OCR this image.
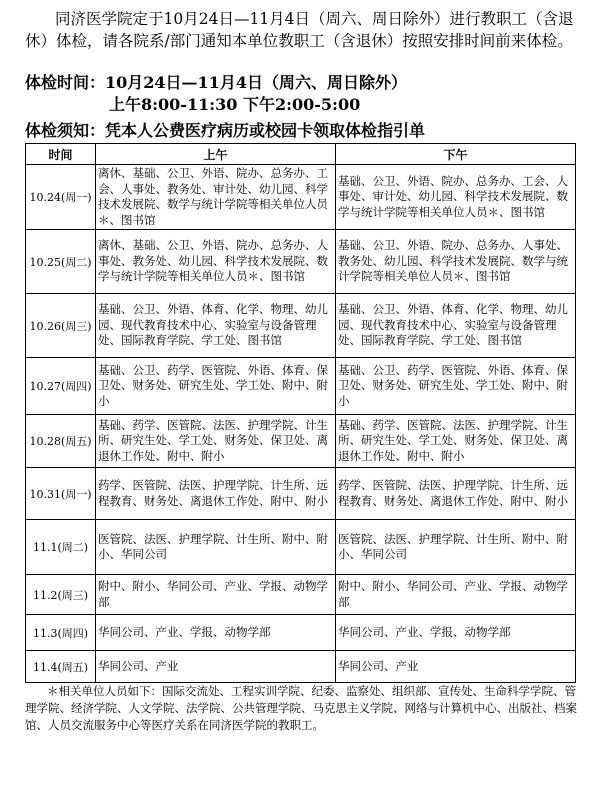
同济医学院定于10月24日—11月4日（周六、周日除外）进行教职工（含退休）体检，请各院系/部门通知本单位教职工（含退休）按照安排时间前来体检。
体检时间：10月24日—11月4日（周六、周日除外）
上午8:00-11:30 下午2:00-5:00
体检须知：凭本人公费医疗病历或校园卡领取体检指引单
时间	上午	下午
10.24(周一)	离休、基础、公卫、外语、院办、总务办、工会、人事处、教务处、审计处、幼儿园、科学技术发展院、数学与统计学院等相关单位人员＊、图书馆	基础、公卫、外语、院办、总务办、工会、人事处、审计处、幼儿园、科学技术发展院、数学与统计学院等相关单位人员＊、图书馆
10.25(周二)	离休、基础、公卫、外语、院办、总务办、人事处、教务处、幼儿园、科学技术发展院、数学与统计学院等相关单位人员＊、图书馆	基础、公卫、外语、院办、总务办、人事处、教务处、幼儿园、科学技术发展院、数学与统计学院等相关单位人员＊、图书馆
10.26(周三)	基础、公卫、外语、体育、化学、物理、幼儿园、现代教育技术中心、实验室与设备管理处、国际教育学院、学工处、图书馆	基础、公卫、外语、体育、化学、物理、幼儿园、现代教育技术中心、实验室与设备管理处、国际教育学院、学工处、图书馆
10.27(周四)	基础、公卫、药学、医管院、外语、体育、保卫处、财务处、研究生处、学工处、附中、附小	基础、公卫、药学、医管院、外语、体育、保卫处、财务处、研究生处、学工处、附中、附小
10.28(周五)	基础、药学、医管院、法医、护理学院、计生所、研究生处、学工处、财务处、保卫处、离退休工作处、附中、附小	基础、药学、医管院、法医、护理学院、计生所、研究生处、学工处、财务处、保卫处、离退休工作处、附中、附小
10.31(周一)	药学、医管院、法医、护理学院、计生所、远程教育、财务处、离退休工作处、附中、附小	药学、医管院、法医、护理学院、计生所、远程教育、财务处、离退休工作处、附中、附小
11.1(周二)	医管院、法医、护理学院、计生所、附中、附小、华同公司	医管院、法医、护理学院、计生所、附中、附小、华同公司
11.2(周三)	附中、附小、华同公司、产业、学报、动物学部	附中、附小、华同公司、产业、学报、动物学部
11.3(周四)	华同公司、产业、学报、动物学部	华同公司、产业、学报、动物学部
11.4(周五)	华同公司、产业	华同公司、产业
＊相关单位人员如下：国际交流处、工程实训学院、纪委、监察处、组织部、宣传处、生命科学学院、管理学院、经济学院、人文学院、法学院、公共管理学院、马克思主义学院、网络与计算机中心、出版社、档案馆、人员交流服务中心等医疗关系在同济医学院的教职工。
